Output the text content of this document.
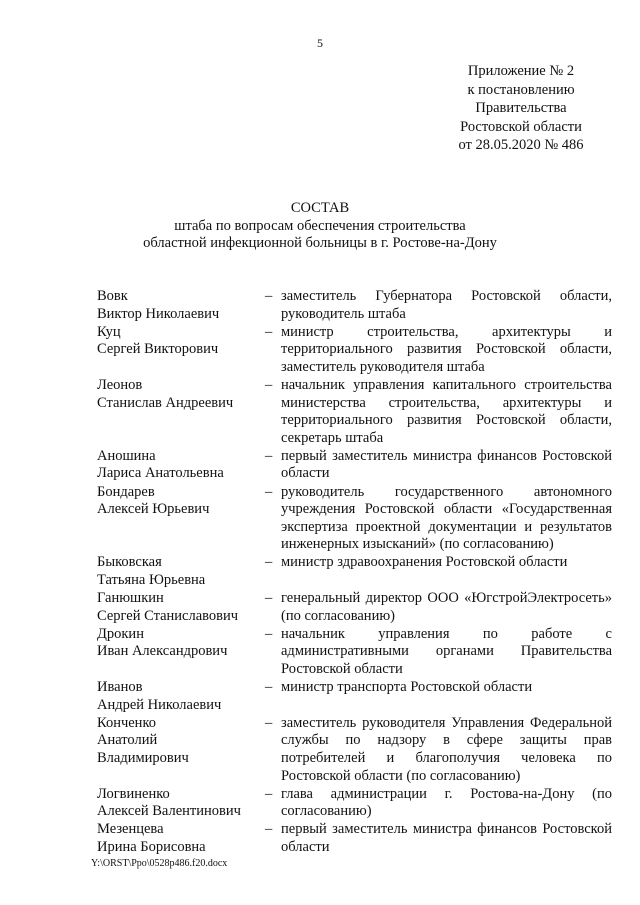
5
Приложение № 2
к постановлению
Правительства
Ростовской области
от 28.05.2020 № 486
СОСТАВ
штаба по вопросам обеспечения строительства
областной инфекционной больницы в г. Ростове-на-Дону
Вовк
Виктор Николаевич
– заместитель Губернатора Ростовской области, руководитель штаба
Куц
Сергей Викторович
– министр строительства, архитектуры и территориального развития Ростовской области, заместитель руководителя штаба
Леонов
Станислав Андреевич
– начальник управления капитального строительства министерства строительства, архитектуры и территориального развития Ростовской области, секретарь штаба
Аношина
Лариса Анатольевна
– первый заместитель министра финансов Ростовской области
Бондарев
Алексей Юрьевич
– руководитель государственного автономного учреждения Ростовской области «Государственная экспертиза проектной документации и результатов инженерных изысканий» (по согласованию)
Быковская
Татьяна Юрьевна
– министр здравоохранения Ростовской области
Ганюшкин
Сергей Станиславович
– генеральный директор ООО «ЮгстройЭлектросеть» (по согласованию)
Дрокин
Иван Александрович
– начальник управления по работе с административными органами Правительства Ростовской области
Иванов
Андрей Николаевич
– министр транспорта Ростовской области
Конченко
Анатолий
Владимирович
– заместитель руководителя Управления Федеральной службы по надзору в сфере защиты прав потребителей и благополучия человека по Ростовской области (по согласованию)
Логвиненко
Алексей Валентинович
– глава администрации г. Ростова-на-Дону (по согласованию)
Мезенцева
Ирина Борисовна
– первый заместитель министра финансов Ростовской области
Y:\ORST\Ppo\0528p486.f20.docx
